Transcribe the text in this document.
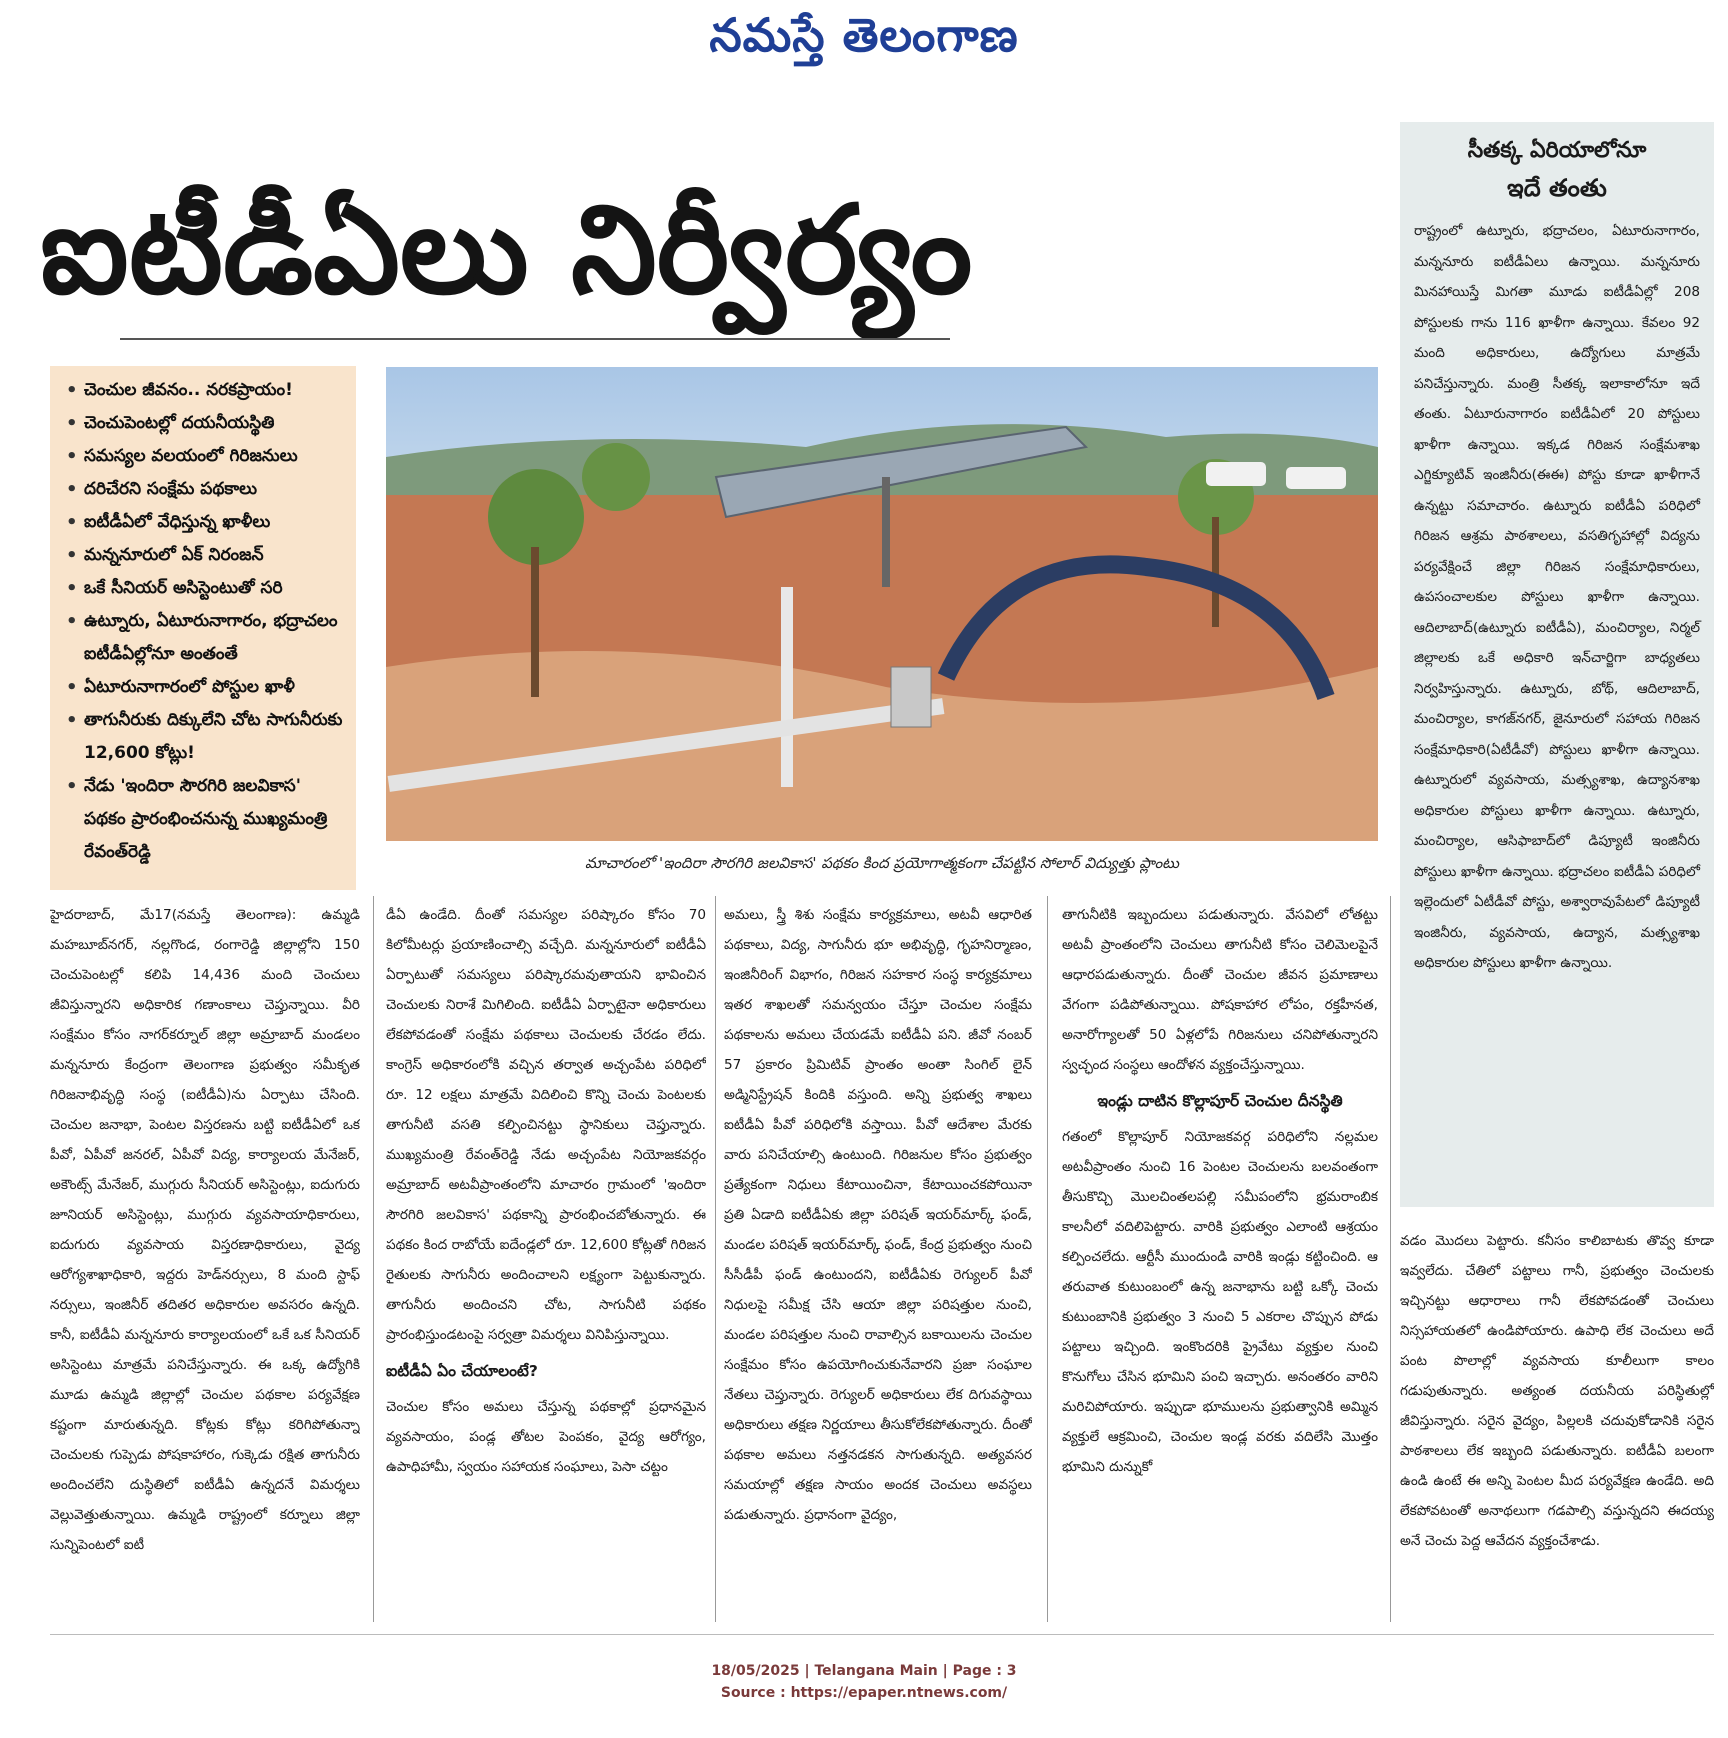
నమస్తే తెలంగాణ
ఐటీడీఏలు నిర్వీర్యం
• చెంచుల జీవనం.. నరకప్రాయం!
• చెంచుపెంటల్లో దయనీయస్థితి
• సమస్యల వలయంలో గిరిజనులు
• దరిచేరని సంక్షేమ పథకాలు
• ఐటీడీఏలో వేధిస్తున్న ఖాళీలు
• మన్ననూరులో ఏక్ నిరంజన్
• ఒకే సీనియర్ అసిస్టెంటుతో సరి
• ఉట్నూరు, ఏటూరునాగారం, భద్రాచలం ఐటీడీఏల్లోనూ అంతంతే
• ఏటూరునాగారంలో పోస్టుల ఖాళీ
• తాగునీరుకు దిక్కులేని చోట సాగునీరుకు 12,600 కోట్లు!
• నేడు 'ఇందిరా సౌరగిరి జలవికాస' పథకం ప్రారంభించనున్న ముఖ్యమంత్రి రేవంత్‌రెడ్డి
మాచారంలో 'ఇందిరా సౌరగిరి జలవికాస' పథకం కింద ప్రయోగాత్మకంగా చేపట్టిన సోలార్ విద్యుత్తు ప్లాంటు
సీతక్క ఏరియాలోనూ
ఇదే తంతు
రాష్ట్రంలో ఉట్నూరు, భద్రాచలం, ఏటూరునాగారం, మన్ననూరు ఐటీడీఏలు ఉన్నాయి. మన్ననూరు మినహాయిస్తే మిగతా మూడు ఐటీడీఏల్లో 208 పోస్టులకు గాను 116 ఖాళీగా ఉన్నాయి. కేవలం 92 మంది అధికారులు, ఉద్యోగులు మాత్రమే పనిచేస్తున్నారు. మంత్రి సీతక్క ఇలాకాలోనూ ఇదే తంతు. ఏటూరునాగారం ఐటీడీఏలో 20 పోస్టులు ఖాళీగా ఉన్నాయి. ఇక్కడ గిరిజన సంక్షేమశాఖ ఎగ్జిక్యూటివ్ ఇంజినీరు(ఈఈ) పోస్టు కూడా ఖాళీగానే ఉన్నట్టు సమాచారం. ఉట్నూరు ఐటీడీఏ పరిధిలో గిరిజన ఆశ్రమ పాఠశాలలు, వసతిగృహాల్లో విద్యను పర్యవేక్షించే జిల్లా గిరిజన సంక్షేమాధికారులు, ఉపసంచాలకుల పోస్టులు ఖాళీగా ఉన్నాయి. ఆదిలాబాద్(ఉట్నూరు ఐటీడీఏ), మంచిర్యాల, నిర్మల్ జిల్లాలకు ఒకే అధికారి ఇన్‌చార్జిగా బాధ్యతలు నిర్వహిస్తున్నారు. ఉట్నూరు, బోథ్, ఆదిలాబాద్, మంచిర్యాల, కాగజ్‌నగర్, జైనూరులో సహాయ గిరిజన సంక్షేమాధికారి(ఏటీడీవో) పోస్టులు ఖాళీగా ఉన్నాయి. ఉట్నూరులో వ్యవసాయ, మత్స్యశాఖ, ఉద్యానశాఖ అధికారుల పోస్టులు ఖాళీగా ఉన్నాయి. ఉట్నూరు, మంచిర్యాల, ఆసిఫాబాద్‌లో డిప్యూటీ ఇంజినీరు పోస్టులు ఖాళీగా ఉన్నాయి. భద్రాచలం ఐటీడీఏ పరిధిలో ఇల్లెందులో ఏటీడీవో పోస్టు, అశ్వారావుపేటలో డిప్యూటీ ఇంజినీరు, వ్యవసాయ, ఉద్యాన, మత్స్యశాఖ అధికారుల పోస్టులు ఖాళీగా ఉన్నాయి.
హైదరాబాద్, మే17(నమస్తే తెలంగాణ): ఉమ్మడి మహబూబ్‌నగర్, నల్లగొండ, రంగారెడ్డి జిల్లాల్లోని 150 చెంచుపెంటల్లో కలిపి 14,436 మంది చెంచులు జీవిస్తున్నారని అధికారిక గణాంకాలు చెప్తున్నాయి. వీరి సంక్షేమం కోసం నాగర్‌కర్నూల్ జిల్లా అమ్రాబాద్ మండలం మన్ననూరు కేంద్రంగా తెలంగాణ ప్రభుత్వం సమీకృత గిరిజనాభివృద్ధి సంస్థ (ఐటీడీఏ)ను ఏర్పాటు చేసింది. చెంచుల జనాభా, పెంటల విస్తరణను బట్టి ఐటీడీఏలో ఒక పీవో, ఏపీవో జనరల్, ఏపీవో విద్య, కార్యాలయ మేనేజర్, అకౌంట్స్ మేనేజర్, ముగ్గురు సీనియర్ అసిస్టెంట్లు, ఐదుగురు జూనియర్ అసిస్టెంట్లు, ముగ్గురు వ్యవసాయాధికారులు, ఐదుగురు వ్యవసాయ విస్తరణాధికారులు, వైద్య ఆరోగ్యశాఖాధికారి, ఇద్దరు హెడ్‌నర్సులు, 8 మంది స్టాఫ్ నర్సులు, ఇంజినీర్ తదితర అధికారుల అవసరం ఉన్నది. కానీ, ఐటీడీఏ మన్ననూరు కార్యాలయంలో ఒకే ఒక సీనియర్ అసిస్టెంటు మాత్రమే పనిచేస్తున్నారు. ఈ ఒక్క ఉద్యోగికి మూడు ఉమ్మడి జిల్లాల్లో చెంచుల పథకాల పర్యవేక్షణ కష్టంగా మారుతున్నది. కోట్లకు కోట్లు కరిగిపోతున్నా చెంచులకు గుప్పెడు పోషకాహారం, గుక్కెడు రక్షిత తాగునీరు అందించలేని దుస్థితిలో ఐటీడీఏ ఉన్నదనే విమర్శలు వెల్లువెత్తుతున్నాయి. ఉమ్మడి రాష్ట్రంలో కర్నూలు జిల్లా సున్నిపెంటలో ఐటీ
డీఏ ఉండేది. దీంతో సమస్యల పరిష్కారం కోసం 70 కిలోమీటర్లు ప్రయాణించాల్సి వచ్చేది. మన్ననూరులో ఐటీడీఏ ఏర్పాటుతో సమస్యలు పరిష్కారమవుతాయని భావించిన చెంచులకు నిరాశే మిగిలింది. ఐటీడీఏ ఏర్పాటైనా అధికారులు లేకపోవడంతో సంక్షేమ పథకాలు చెంచులకు చేరడం లేదు. కాంగ్రెస్ అధికారంలోకి వచ్చిన తర్వాత అచ్చంపేట పరిధిలో రూ. 12 లక్షలు మాత్రమే విదిలించి కొన్ని చెంచు పెంటలకు తాగునీటి వసతి కల్పించినట్టు స్థానికులు చెప్తున్నారు. ముఖ్యమంత్రి రేవంత్‌రెడ్డి నేడు అచ్చంపేట నియోజకవర్గం అమ్రాబాద్ అటవీప్రాంతంలోని మాచారం గ్రామంలో 'ఇందిరా సౌరగిరి జలవికాస' పథకాన్ని ప్రారంభించబోతున్నారు. ఈ పథకం కింద రాబోయే ఐదేండ్లలో రూ. 12,600 కోట్లతో గిరిజన రైతులకు సాగునీరు అందించాలని లక్ష్యంగా పెట్టుకున్నారు. తాగునీరు అందించని చోట, సాగునీటి పథకం ప్రారంభిస్తుండటంపై సర్వత్రా విమర్శలు వినిపిస్తున్నాయి.
ఐటీడీఏ ఏం చేయాలంటే?
చెంచుల కోసం అమలు చేస్తున్న పథకాల్లో ప్రధానమైన వ్యవసాయం, పండ్ల తోటల పెంపకం, వైద్య ఆరోగ్యం, ఉపాధిహామీ, స్వయం సహాయక సంఘాలు, పెసా చట్టం
అమలు, స్త్రీ శిశు సంక్షేమ కార్యక్రమాలు, అటవీ ఆధారిత పథకాలు, విద్య, సాగునీరు భూ అభివృద్ధి, గృహనిర్మాణం, ఇంజినీరింగ్ విభాగం, గిరిజన సహకార సంస్థ కార్యక్రమాలు ఇతర శాఖలతో సమన్వయం చేస్తూ చెంచుల సంక్షేమ పథకాలను అమలు చేయడమే ఐటీడీఏ పని. జీవో నంబర్ 57 ప్రకారం ప్రిమిటివ్ ప్రాంతం అంతా సింగిల్ లైన్ అడ్మినిస్ట్రేషన్ కిందికి వస్తుంది. అన్ని ప్రభుత్వ శాఖలు ఐటీడీఏ పీవో పరిధిలోకి వస్తాయి. పీవో ఆదేశాల మేరకు వారు పనిచేయాల్సి ఉంటుంది. గిరిజనుల కోసం ప్రభుత్వం ప్రత్యేకంగా నిధులు కేటాయించినా, కేటాయించకపోయినా ప్రతి ఏడాది ఐటీడీఏకు జిల్లా పరిషత్ ఇయర్‌మార్క్ ఫండ్, మండల పరిషత్ ఇయర్‌మార్క్ ఫండ్, కేంద్ర ప్రభుత్వం నుంచి సీసీడీపీ ఫండ్ ఉంటుందని, ఐటీడీఏకు రెగ్యులర్ పీవో నిధులపై సమీక్ష చేసి ఆయా జిల్లా పరిషత్తుల నుంచి, మండల పరిషత్తుల నుంచి రావాల్సిన బకాయిలను చెంచుల సంక్షేమం కోసం ఉపయోగించుకునేవారని ప్రజా సంఘాల నేతలు చెప్తున్నారు. రెగ్యులర్ అధికారులు లేక దిగువస్థాయి అధికారులు తక్షణ నిర్ణయాలు తీసుకోలేకపోతున్నారు. దీంతో పథకాల అమలు నత్తనడకన సాగుతున్నది. అత్యవసర సమయాల్లో తక్షణ సాయం అందక చెంచులు అవస్థలు పడుతున్నారు. ప్రధానంగా వైద్యం,
తాగునీటికి ఇబ్బందులు పడుతున్నారు. వేసవిలో లోతట్టు అటవీ ప్రాంతంలోని చెంచులు తాగునీటి కోసం చెలిమెలపైనే ఆధారపడుతున్నారు. దీంతో చెంచుల జీవన ప్రమాణాలు వేగంగా పడిపోతున్నాయి. పోషకాహార లోపం, రక్తహీనత, అనారోగ్యాలతో 50 ఏళ్లలోపే గిరిజనులు చనిపోతున్నారని స్వచ్ఛంద సంస్థలు ఆందోళన వ్యక్తంచేస్తున్నాయి.
ఇండ్లు దాటిన కొల్లాపూర్ చెంచుల దీనస్థితి
గతంలో కొల్లాపూర్ నియోజకవర్గ పరిధిలోని నల్లమల అటవీప్రాంతం నుంచి 16 పెంటల చెంచులను బలవంతంగా తీసుకొచ్చి మొలచింతలపల్లి సమీపంలోని భ్రమరాంబిక కాలనీలో వదిలిపెట్టారు. వారికి ప్రభుత్వం ఎలాంటి ఆశ్రయం కల్పించలేదు. ఆర్టీసీ ముందుండి వారికి ఇండ్లు కట్టించింది. ఆ తరువాత కుటుంబంలో ఉన్న జనాభాను బట్టి ఒక్కో చెంచు కుటుంబానికి ప్రభుత్వం 3 నుంచి 5 ఎకరాల చొప్పున పోడు పట్టాలు ఇచ్చింది. ఇంకొందరికి ప్రైవేటు వ్యక్తుల నుంచి కొనుగోలు చేసిన భూమిని పంచి ఇచ్చారు. అనంతరం వారిని మరిచిపోయారు. ఇప్పుడా భూములను ప్రభుత్వానికి అమ్మిన వ్యక్తులే ఆక్రమించి, చెంచుల ఇండ్ల వరకు వదిలేసి మొత్తం భూమిని దున్నుకో
వడం మొదలు పెట్టారు. కనీసం కాలిబాటకు తొవ్వ కూడా ఇవ్వలేదు. చేతిలో పట్టాలు గానీ, ప్రభుత్వం చెంచులకు ఇచ్చినట్టు ఆధారాలు గానీ లేకపోవడంతో చెంచులు నిస్సహాయతలో ఉండిపోయారు. ఉపాధి లేక చెంచులు అదే పంట పొలాల్లో వ్యవసాయ కూలీలుగా కాలం గడుపుతున్నారు. అత్యంత దయనీయ పరిస్థితుల్లో జీవిస్తున్నారు. సరైన వైద్యం, పిల్లలకి చదువుకోడానికి సరైన పాఠశాలలు లేక ఇబ్బంది పడుతున్నారు. ఐటీడీఏ బలంగా ఉండి ఉంటే ఈ అన్ని పెంటల మీద పర్యవేక్షణ ఉండేది. అది లేకపోవటంతో అనాథలుగా గడపాల్సి వస్తున్నదని ఈదయ్య అనే చెంచు పెద్ద ఆవేదన వ్యక్తంచేశాడు.
18/05/2025 | Telangana Main | Page : 3
Source : https://epaper.ntnews.com/
